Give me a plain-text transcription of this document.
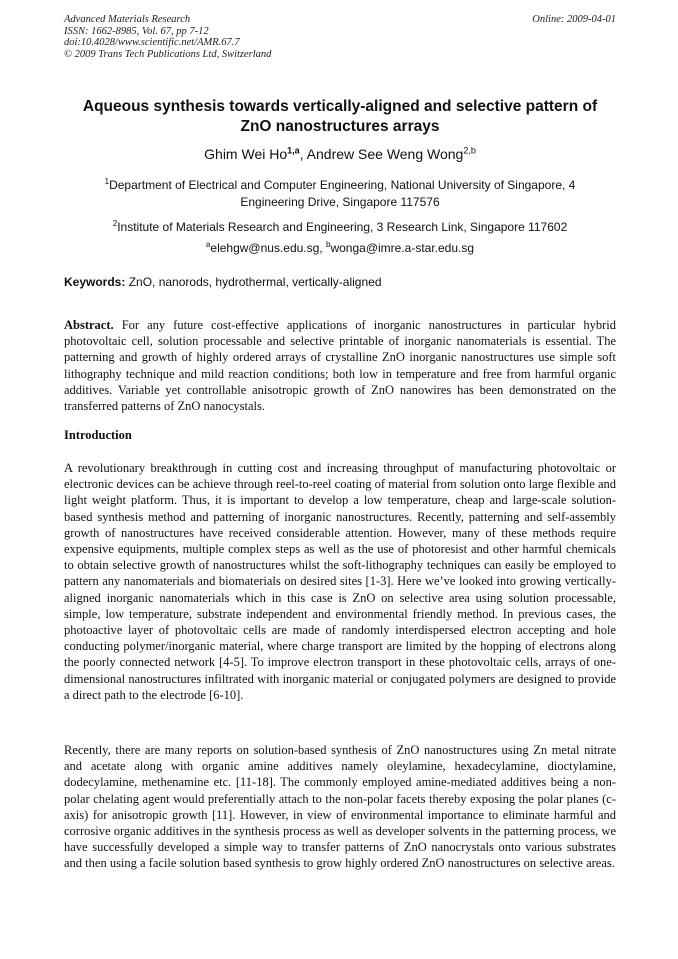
Advanced Materials Research
ISSN: 1662-8985, Vol. 67, pp 7-12
doi:10.4028/www.scientific.net/AMR.67.7
© 2009 Trans Tech Publications Ltd, Switzerland
Online: 2009-04-01
Aqueous synthesis towards vertically-aligned and selective pattern of
ZnO nanostructures arrays
Ghim Wei Ho$^{1,a}$, Andrew See Weng Wong$^{2,b}$
$^1$Department of Electrical and Computer Engineering, National University of Singapore, 4
Engineering Drive, Singapore 117576
$^2$Institute of Materials Research and Engineering, 3 Research Link, Singapore 117602
$^a$elehgw@nus.edu.sg, $^b$wonga@imre.a-star.edu.sg
Keywords: ZnO, nanorods, hydrothermal, vertically-aligned
Abstract. For any future cost-effective applications of inorganic nanostructures in particular hybrid photovoltaic cell, solution processable and selective printable of inorganic nanomaterials is essential. The patterning and growth of highly ordered arrays of crystalline ZnO inorganic nanostructures use simple soft lithography technique and mild reaction conditions; both low in temperature and free from harmful organic additives. Variable yet controllable anisotropic growth of ZnO nanowires has been demonstrated on the transferred patterns of ZnO nanocystals.
Introduction
A revolutionary breakthrough in cutting cost and increasing throughput of manufacturing photovoltaic or electronic devices can be achieve through reel-to-reel coating of material from solution onto large flexible and light weight platform. Thus, it is important to develop a low temperature, cheap and large-scale solution-based synthesis method and patterning of inorganic nanostructures. Recently, patterning and self-assembly growth of nanostructures have received considerable attention. However, many of these methods require expensive equipments, multiple complex steps as well as the use of photoresist and other harmful chemicals to obtain selective growth of nanostructures whilst the soft-lithography techniques can easily be employed to pattern any nanomaterials and biomaterials on desired sites [1-3]. Here we’ve looked into growing vertically-aligned inorganic nanomaterials which in this case is ZnO on selective area using solution processable, simple, low temperature, substrate independent and environmental friendly method. In previous cases, the photoactive layer of photovoltaic cells are made of randomly interdispersed electron accepting and hole conducting polymer/inorganic material, where charge transport are limited by the hopping of electrons along the poorly connected network [4-5]. To improve electron transport in these photovoltaic cells, arrays of one-dimensional nanostructures infiltrated with inorganic material or conjugated polymers are designed to provide a direct path to the electrode [6-10].
Recently, there are many reports on solution-based synthesis of ZnO nanostructures using Zn metal nitrate and acetate along with organic amine additives namely oleylamine, hexadecylamine, dioctylamine, dodecylamine, methenamine etc. [11-18]. The commonly employed amine-mediated additives being a non-polar chelating agent would preferentially attach to the non-polar facets thereby exposing the polar planes (c-axis) for anisotropic growth [11]. However, in view of environmental importance to eliminate harmful and corrosive organic additives in the synthesis process as well as developer solvents in the patterning process, we have successfully developed a simple way to transfer patterns of ZnO nanocrystals onto various substrates and then using a facile solution based synthesis to grow highly ordered ZnO nanostructures on selective areas.
